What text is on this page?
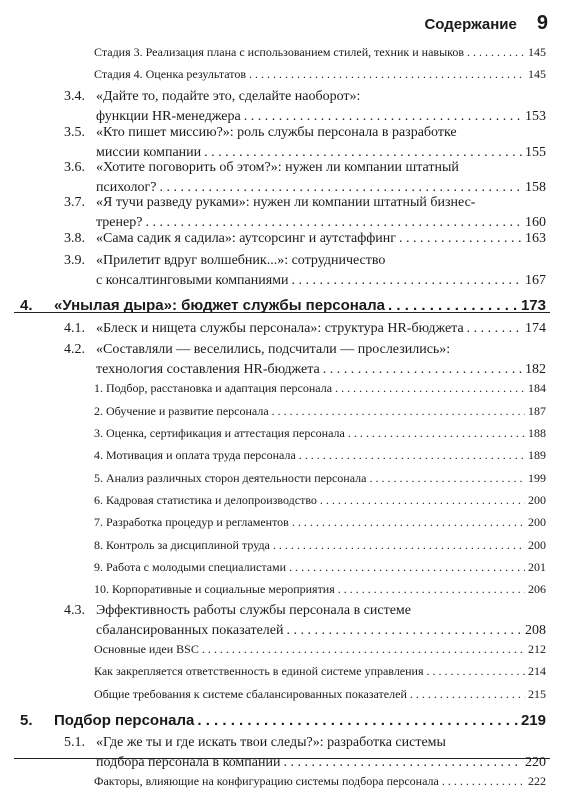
Содержание 9
Стадия 3. Реализация плана с использованием стилей, техник и навыков . . .	145
Стадия 4. Оценка результатов . . .	145
3.4. «Дайте то, подайте это, сделайте наоборот»:
функции HR-менеджера . . .	153
3.5. «Кто пишет миссию?»: роль службы персонала в разработке
миссии компании . . .	155
3.6. «Хотите поговорить об этом?»: нужен ли компании штатный
психолог? . . .	158
3.7. «Я тучи разведу руками»: нужен ли компании штатный бизнес-
тренер? . . .	160
3.8. «Сама садик я садила»: аутсорсинг и аутстаффинг . . .	163
3.9. «Прилетит вдруг волшебник...»: сотрудничество
с консалтинговыми компаниями . . .	167
4. «Унылая дыра»: бюджет службы персонала . . .	173
4.1. «Блеск и нищета службы персонала»: структура HR-бюджета . . .	174
4.2. «Составляли — веселились, подсчитали — прослезились»:
технология составления HR-бюджета . . .	182
1. Подбор, расстановка и адаптация персонала . . .	184
2. Обучение и развитие персонала . . .	187
3. Оценка, сертификация и аттестация персонала . . .	188
4. Мотивация и оплата труда персонала . . .	189
5. Анализ различных сторон деятельности персонала . . .	199
6. Кадровая статистика и делопроизводство . . .	200
7. Разработка процедур и регламентов . . .	200
8. Контроль за дисциплиной труда . . .	200
9. Работа с молодыми специалистами . . .	201
10. Корпоративные и социальные мероприятия . . .	206
4.3. Эффективность работы службы персонала в системе
сбалансированных показателей . . .	208
Основные идеи BSC . . .	212
Как закрепляется ответственность в единой системе управления . . .	214
Общие требования к системе сбалансированных показателей . . .	215
5. Подбор персонала . . .	219
5.1. «Где же ты и где искать твои следы?»: разработка системы
подбора персонала в компании . . .	220
Факторы, влияющие на конфигурацию системы подбора персонала . . .	222
